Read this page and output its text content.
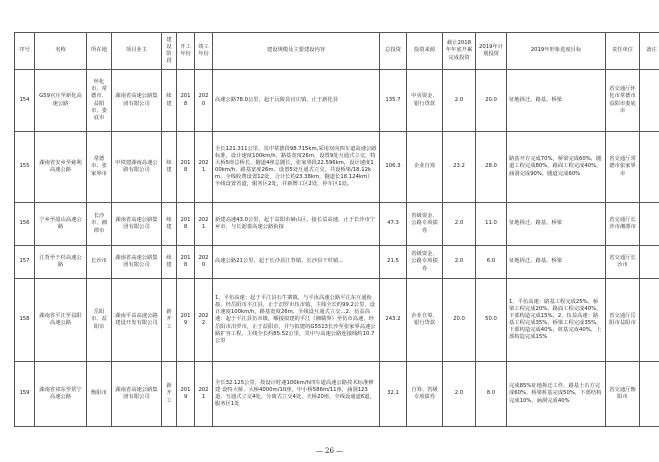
序号	名称	所在地	项目业主	建设阶段	开工年份	竣工年份	建设规模及主要建设内容	总投资	投资来源	截止2018年年底开累完成投资	2019年计划投资	2019年形象进度目标	责任单位	备注
154	G59官庄至新化高速公路	怀化市、常德市、益阳市、娄底市	湖南省高速公路集团有限公司	续建	2018	2020	高速公路78.0公里，起于沅陵县官庄镇，止于新化县	135.7	中央资金、银行贷款	2.0	20.0	征地拆迁、路基、桥梁	省交通厅怀化市常德市益阳市娄底市	
155	湖南省安乡至慈利高速公路	常德市、张家界市	中铁建湖南高速公路有限公司	续建	2018	2021	全长121.311公里，其中常德段98.715km,采用双向四车道高速公路标准，设计速度100km/h，路基宽度26m，设置9处互通式立交，特大桥5座总桥长，隧道4座总隧长，张家界段22.596km，设计速度100km/h，路基宽度26m，设置5处互通式立交，共设桥梁/18.12km，全线收费设置12处，合计长约23.38km，隧道长18.124km）全线设置省道，服务区2处，并新增工区2处，停车区1处。	106.3	企业自筹	23.2	28.0	路基开方完成70%，桥梁完成60%，隧道工程完成80%，路面工程完成40%，涵洞完成90%，隧道完成60%	省交通厅常德市张家界市	
156	宁乡至韶山高速公路	长沙市、湘潭市	湖南省高速公路集团有限公司	续建	2018	2021	新建高速43.0公里，起于益阳市赫山区，接长益高速，止于长沙市宁乡市，与长韶娄高速公路衔接	47.3	省级资金、公路专项债券	2.0	11.0	征地拆迁、路基、桥梁	省交通厅长沙市湘潭市	
157	江背至干杉高速公路	长沙市	湖南省高速公路集团有限公司	续建	2018	2020	高速公路21公里，起于长沙县江背镇，长沙县干杉镇...	21.5	省级资金、公路专项债券	2.0	6.0	征地拆迁、路基、桥梁	省交通厅长沙市	
158	湖南省平江至益阳高速公路	岳阳市、益阳市	湖南平益高速公路建设开发有限公司	新开工	2019	2022	1、平伍高速：起于平江县石牛寨镇，与平汝高速公路平江东互通衔接，经岳阳市平江县，止于汨罗市伍市镇，主线全长约99.2公里，设计速度100km/h，路基宽度26m，全线设互通式立交...2、伍益高速：起于平江县伍市镇，顺接拟建的平江（湘赣界）至伍市高速，经岳阳市汨罗市，止于益阳市，并与拟建的G5513长沙至张家界高速公路扩容工程，主线全长约85.52公里，其中与高速公路连接线约10.7公里	243.2	企业自筹、银行贷款	20.0	50.0	1、平伍高速：路基工程完成25%，桥梁工程完成20%，路面工程完成40%，下部构造完成15%。2、伍益高速：路基工程完成35%，桥梁工程完成35%，下部构造完成40%，桩基完成40%，上部构造完成15%	省交通厅岳阳市益阳市	
159	湖南省祁东至常宁高速公路	衡阳市	湖南省高速公路集团有限公司	新开工	2019	2021	全长32.125公里，按设计时速100km/h四车道高速公路技术标准修建 设特大桥、大桥4000m/10座，中小桥586m/11座，涵洞123道，互通式立交4处，分离式立交4处，天桥20座，全线设通道6道，服务区1处	32.1	自筹、省级专项债券	2.0	8.0	完成85%征地拆迁工作，路基土石方完成60%，桥梁桩基完成50%，下部结构完成10%，涵洞完成40%	省交通厅衡阳市	
— 26 —
